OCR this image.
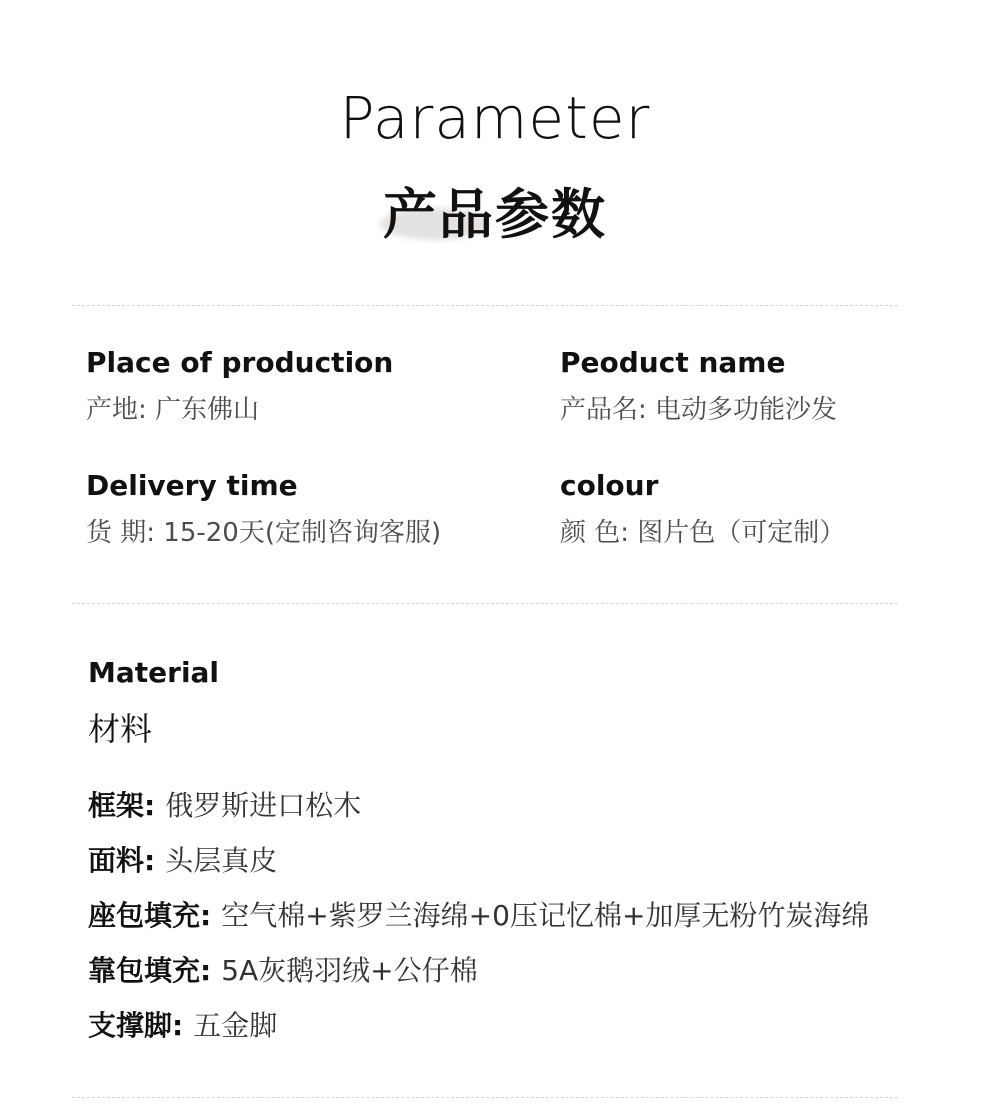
Parameter
产品参数
Place of production
产地: 广东佛山
Peoduct name
产品名: 电动多功能沙发
Delivery time
货 期: 15-20天(定制咨询客服)
colour
颜 色: 图片色（可定制）
Material
材料
框架: 俄罗斯进口松木
面料: 头层真皮
座包填充: 空气棉+紫罗兰海绵+0压记忆棉+加厚无粉竹炭海绵
靠包填充: 5A灰鹅羽绒+公仔棉
支撑脚: 五金脚
